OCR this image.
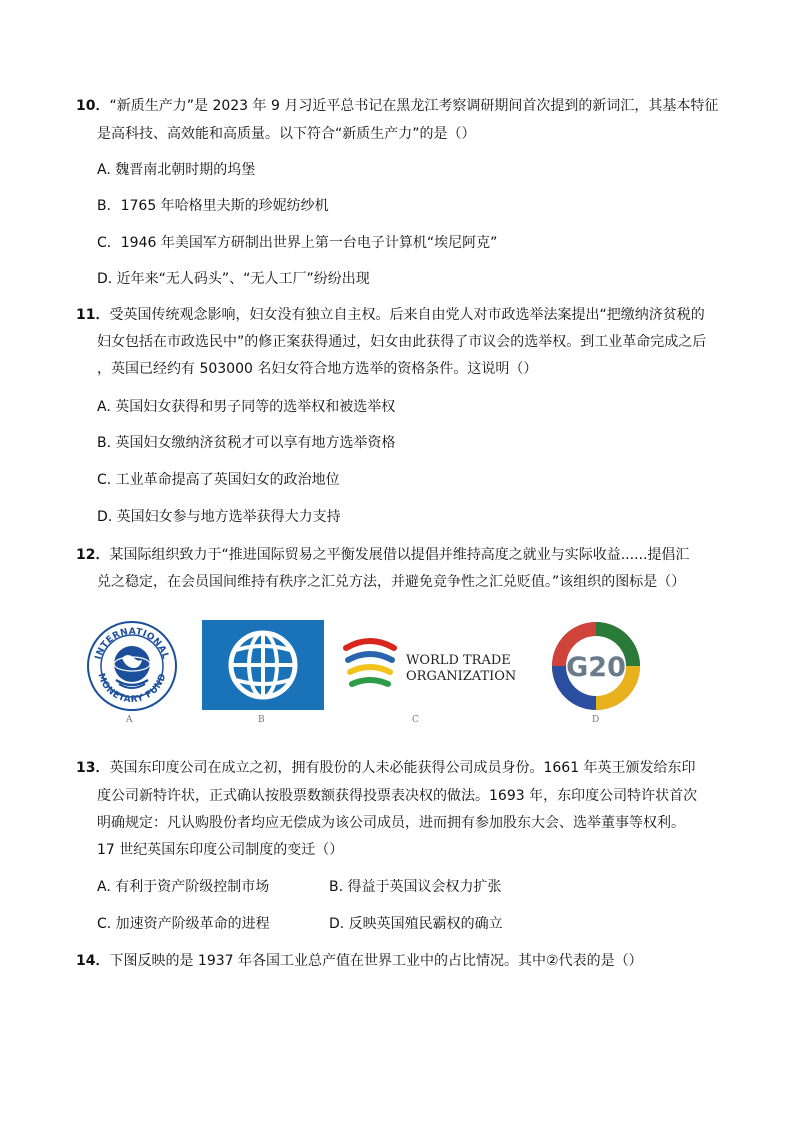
10．“新质生产力”是 2023 年 9 月习近平总书记在黑龙江考察调研期间首次提到的新词汇，其基本特征
是高科技、高效能和高质量。以下符合“新质生产力”的是（）
A. 魏晋南北朝时期的坞堡
B．1765 年哈格里夫斯的珍妮纺纱机
C．1946 年美国军方研制出世界上第一台电子计算机“埃尼阿克”
D. 近年来“无人码头”、“无人工厂”纷纷出现
11．受英国传统观念影响，妇女没有独立自主权。后来自由党人对市政选举法案提出“把缴纳济贫税的
妇女包括在市政选民中”的修正案获得通过，妇女由此获得了市议会的选举权。到工业革命完成之后
，英国已经约有 503000 名妇女符合地方选举的资格条件。这说明（）
A. 英国妇女获得和男子同等的选举权和被选举权
B. 英国妇女缴纳济贫税才可以享有地方选举资格
C. 工业革命提高了英国妇女的政治地位
D. 英国妇女参与地方选举获得大力支持
12．某国际组织致力于“推进国际贸易之平衡发展借以提倡并维持高度之就业与实际收益......提倡汇
兑之稳定，在会员国间维持有秩序之汇兑方法，并避免竞争性之汇兑贬值。”该组织的图标是（）
INTERNATIONAL
MONETARY FUND
A	B
WORLD TRADE
ORGANIZATION
C
G20
D
13．英国东印度公司在成立之初，拥有股份的人未必能获得公司成员身份。1661 年英王颁发给东印
度公司新特许状，正式确认按股票数额获得投票表决权的做法。1693 年，东印度公司特许状首次
明确规定：凡认购股份者均应无偿成为该公司成员，进而拥有参加股东大会、选举董事等权利。
17 世纪英国东印度公司制度的变迁（）
A. 有利于资产阶级控制市场	B. 得益于英国议会权力扩张
C. 加速资产阶级革命的进程	D. 反映英国殖民霸权的确立
14．下图反映的是 1937 年各国工业总产值在世界工业中的占比情况。其中②代表的是（）
